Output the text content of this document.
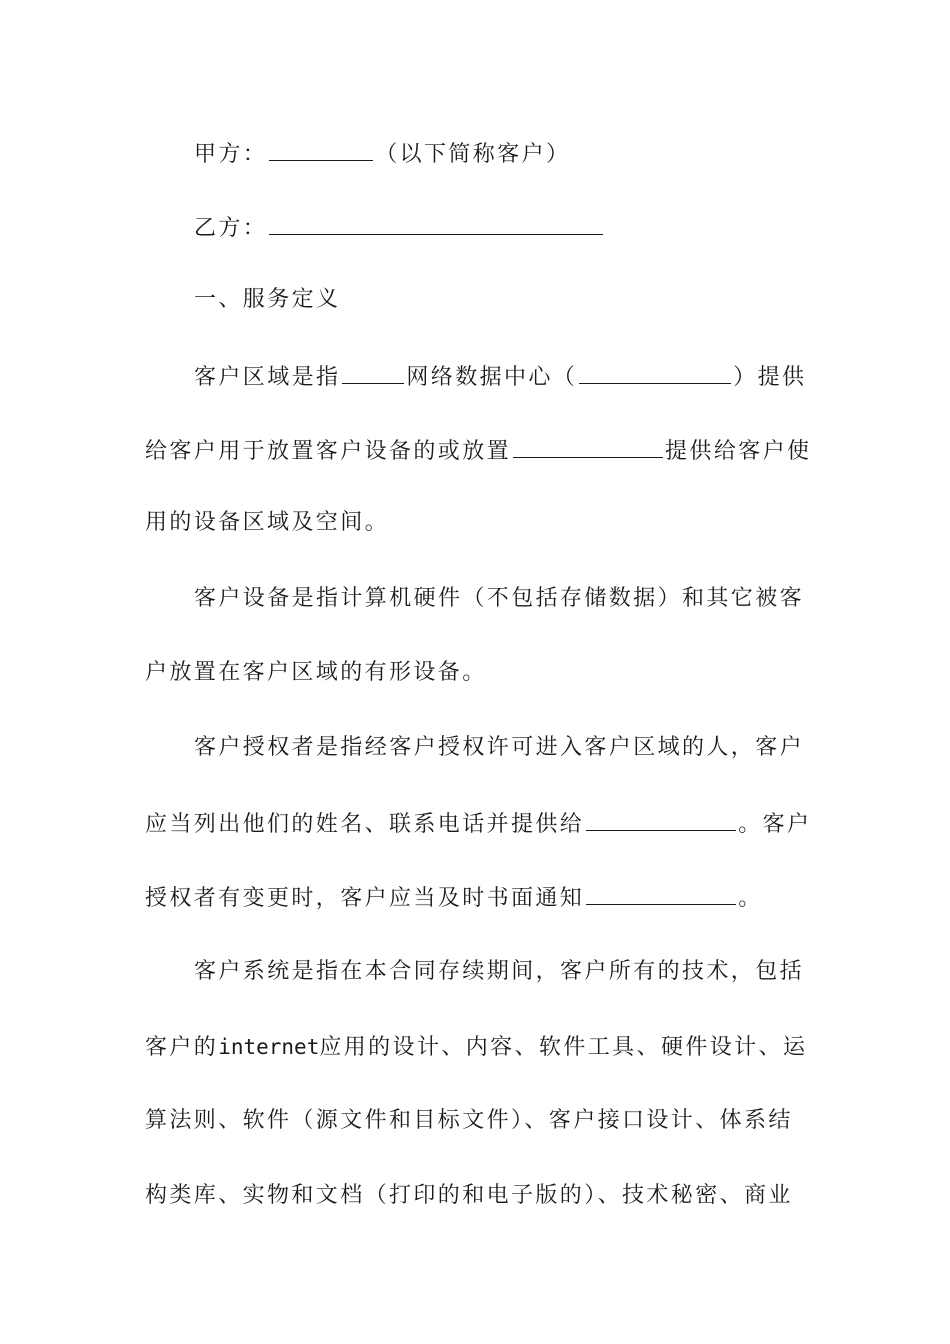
甲方：	（以下简称客户）
乙方：
一、服务定义
客户区域是指	网络数据中心（	）提供
给客户用于放置客户设备的或放置	提供给客户使
用的设备区域及空间。
客户设备是指计算机硬件（不包括存储数据）和其它被客
户放置在客户区域的有形设备。
客户授权者是指经客户授权许可进入客户区域的人，客户
应当列出他们的姓名、联系电话并提供给	。客户
授权者有变更时，客户应当及时书面通知	。
客户系统是指在本合同存续期间，客户所有的技术，包括
客户的internet应用的设计、内容、软件工具、硬件设计、运
算法则、软件（源文件和目标文件）、客户接口设计、体系结
构类库、实物和文档（打印的和电子版的）、技术秘密、商业
